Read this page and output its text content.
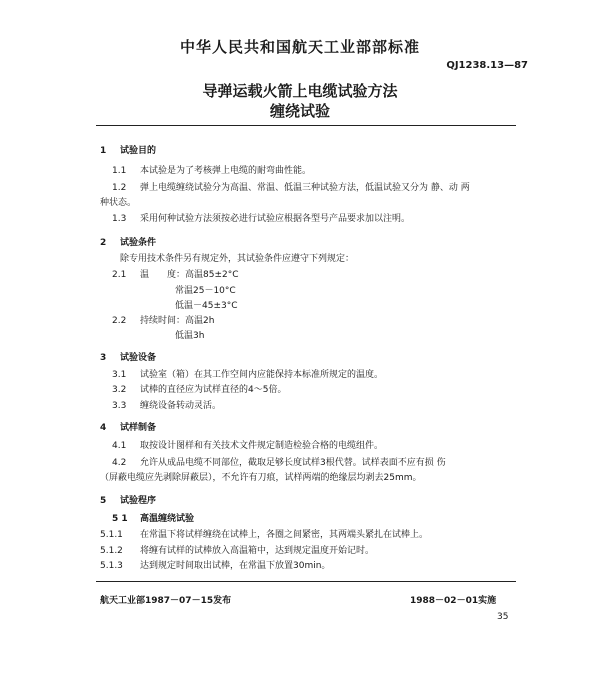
中华人民共和国航天工业部部标准
QJ1238.13—87
导弹运载火箭上电缆试验方法
缠绕试验
1 试验目的
1.1 本试验是为了考核弹上电缆的耐弯曲性能。
1.2 弹上电缆缠绕试验分为高温、常温、低温三种试验方法，低温试验又分为 静、动 两
种状态。
1.3 采用何种试验方法须按必进行试验应根据各型号产品要求加以注明。
2 试验条件
除专用技术条件另有规定外，其试验条件应遵守下列规定：
2.1 温　　度：高温85±2°C
常温25－10°C
低温－45±3°C
2.2 持续时间：高温2h
低温3h
3 试验设备
3.1 试验室（箱）在其工作空间内应能保持本标准所规定的温度。
3.2 试棒的直径应为试样直径的4～5倍。
3.3 缠绕设备转动灵活。
4 试样制备
4.1 取按设计图样和有关技术文件规定制造检验合格的电缆组件。
4.2 允许从成品电缆不同部位，截取足够长度试样3根代替。试样表面不应有损 伤
（屏蔽电缆应先剥除屏蔽层），不允许有刀痕，试样两端的绝缘层均剥去25mm。
5 试验程序
5 1 高温缠绕试验
5.1.1 在常温下将试样缠绕在试棒上，各圈之间紧密，其两端头紧扎在试棒上。
5.1.2 将缠有试样的试棒放入高温箱中，达到规定温度开始记时。
5.1.3 达到规定时间取出试棒，在常温下放置30min。
航天工业部1987－07－15发布	1988－02－01实施
35
